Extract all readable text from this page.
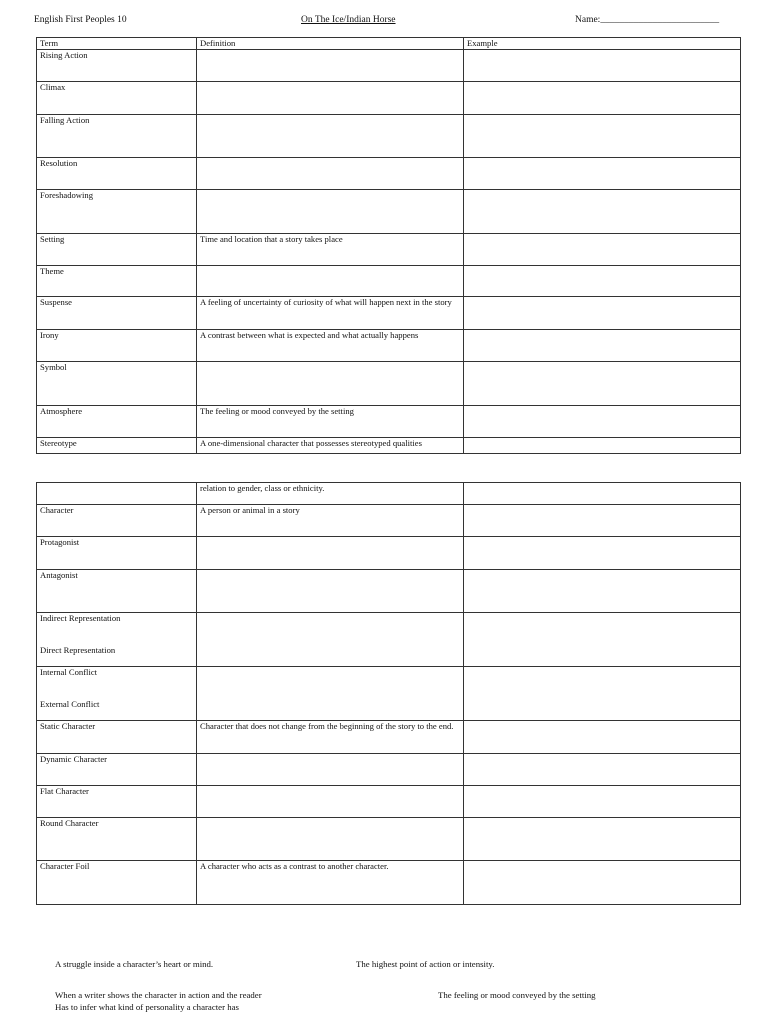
English First Peoples 10	On The Ice/Indian Horse	Name:_________________________
Term	Definition	Example
Rising Action		
Climax		
Falling Action		
Resolution		
Foreshadowing		
Setting	Time and location that a story takes place	
Theme		
Suspense	A feeling of uncertainty of curiosity of what will happen next in the story	
Irony	A contrast between what is expected and what actually happens	
Symbol		
Atmosphere	The feeling or mood conveyed by the setting	
Stereotype	A one-dimensional character that possesses stereotyped qualities	
	relation to gender, class or ethnicity.	
Character	A person or animal in a story	
Protagonist		
Antagonist		
Indirect Representation
Direct Representation		

Internal Conflict
External Conflict		

Static Character	Character that does not change from the beginning of the story to the end.	
Dynamic Character		
Flat Character		
Round Character		
Character Foil	A character who acts as a contrast to another character.	
A struggle inside a character’s heart or mind.	The highest point of action or intensity.
When a writer shows the character in action and the reader
Has to infer what kind of personality a character has
The feeling or mood conveyed by the setting
